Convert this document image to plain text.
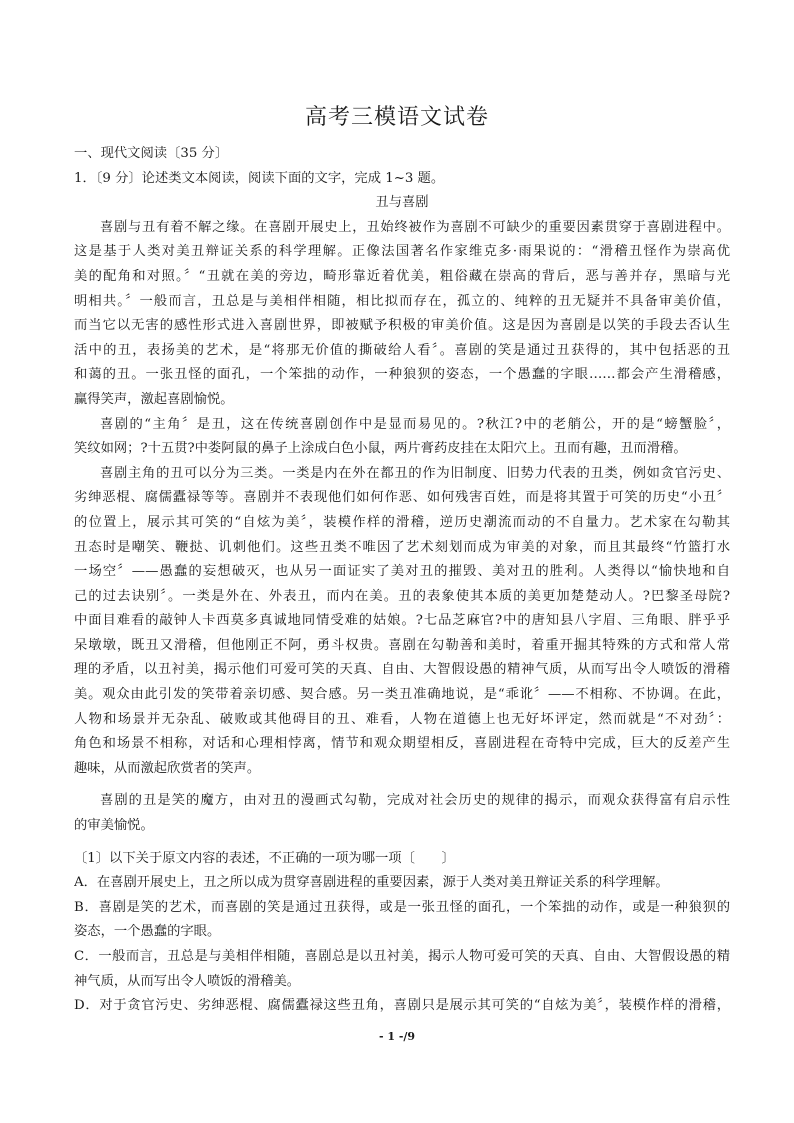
高考三模语文试卷
一、现代文阅读〔35 分〕
1．〔9 分〕论述类文本阅读，阅读下面的文字，完成 1~3 题。
丑与喜剧
喜剧与丑有着不解之缘。在喜剧开展史上，丑始终被作为喜剧不可缺少的重要因素贯穿于喜剧进程中。
这是基于人类对美丑辩证关系的科学理解。正像法国著名作家维克多·雨果说的：“滑稽丑怪作为崇高优
美的配角和对照。〞“丑就在美的旁边，畸形靠近着优美，粗俗藏在崇高的背后，恶与善并存，黑暗与光
明相共。〞一般而言，丑总是与美相伴相随，相比拟而存在，孤立的、纯粹的丑无疑并不具备审美价值，
而当它以无害的感性形式进入喜剧世界，即被赋予积极的审美价值。这是因为喜剧是以笑的手段去否认生
活中的丑，表扬美的艺术，是“将那无价值的撕破给人看〞。喜剧的笑是通过丑获得的，其中包括恶的丑
和蔼的丑。一张丑怪的面孔，一个笨拙的动作，一种狼狈的姿态，一个愚蠢的字眼……都会产生滑稽感，
赢得笑声，激起喜剧愉悦。
喜剧的“主角〞是丑，这在传统喜剧创作中是显而易见的。?秋江?中的老艄公，开的是“螃蟹脸〞，
笑纹如网；?十五贯?中娄阿鼠的鼻子上涂成白色小鼠，两片膏药皮挂在太阳穴上。丑而有趣，丑而滑稽。
喜剧主角的丑可以分为三类。一类是内在外在都丑的作为旧制度、旧势力代表的丑类，例如贪官污史、
劣绅恶棍、腐儒蠹禄等等。喜剧并不表现他们如何作恶、如何残害百姓，而是将其置于可笑的历史“小丑〞
的位置上，展示其可笑的“自炫为美〞，装模作样的滑稽，逆历史潮流而动的不自量力。艺术家在勾勒其
丑态时是嘲笑、鞭挞、讥刺他们。这些丑类不唯因了艺术刻划而成为审美的对象，而且其最终“竹篮打水
一场空〞——愚蠢的妄想破灭，也从另一面证实了美对丑的摧毁、美对丑的胜利。人类得以“愉快地和自
己的过去诀别〞。一类是外在、外表丑，而内在美。丑的表象使其本质的美更加楚楚动人。?巴黎圣母院?
中面目难看的敲钟人卡西莫多真诚地同情受难的姑娘。?七品芝麻官?中的唐知县八字眉、三角眼、胖乎乎
呆墩墩，既丑又滑稽，但他刚正不阿，勇斗权贵。喜剧在勾勒善和美时，着重开掘其特殊的方式和常人常
理的矛盾，以丑衬美，揭示他们可爱可笑的天真、自由、大智假设愚的精神气质，从而写出令人喷饭的滑稽
美。观众由此引发的笑带着亲切感、契合感。另一类丑准确地说，是“乖讹〞——不相称、不协调。在此，
人物和场景并无杂乱、破败或其他碍目的丑、难看，人物在道德上也无好坏评定，然而就是“不对劲〞：
角色和场景不相称，对话和心理相悖离，情节和观众期望相反，喜剧进程在奇特中完成，巨大的反差产生
趣味，从而激起欣赏者的笑声。
喜剧的丑是笑的魔方，由对丑的漫画式勾勒，完成对社会历史的规律的揭示，而观众获得富有启示性
的审美愉悦。
〔1〕以下关于原文内容的表述，不正确的一项为哪一项〔　　〕
A．在喜剧开展史上，丑之所以成为贯穿喜剧进程的重要因素，源于人类对美丑辩证关系的科学理解。
B．喜剧是笑的艺术，而喜剧的笑是通过丑获得，或是一张丑怪的面孔，一个笨拙的动作，或是一种狼狈的
姿态，一个愚蠢的字眼。
C．一般而言，丑总是与美相伴相随，喜剧总是以丑衬美，揭示人物可爱可笑的天真、自由、大智假设愚的精
神气质，从而写出令人喷饭的滑稽美。
D．对于贪官污史、劣绅恶棍、腐儒蠹禄这些丑角，喜剧只是展示其可笑的“自炫为美〞，装模作样的滑稽，
- 1 -/9
